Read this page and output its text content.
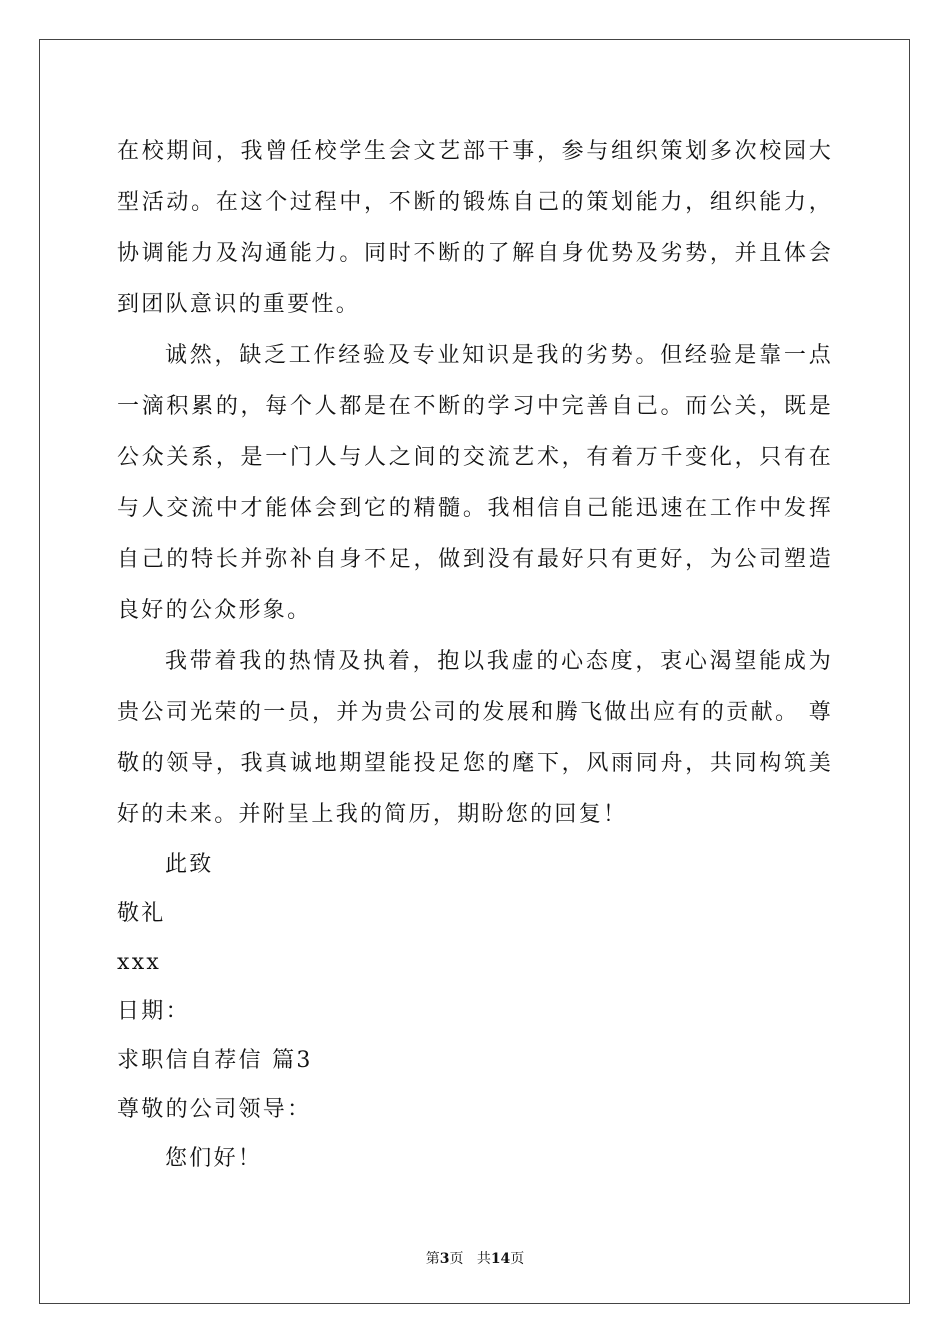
在校期间，我曾任校学生会文艺部干事，参与组织策划多次校园大型活动。在这个过程中，不断的锻炼自己的策划能力，组织能力，协调能力及沟通能力。同时不断的了解自身优势及劣势，并且体会到团队意识的重要性。

诚然，缺乏工作经验及专业知识是我的劣势。但经验是靠一点一滴积累的，每个人都是在不断的学习中完善自己。而公关，既是公众关系，是一门人与人之间的交流艺术，有着万千变化，只有在与人交流中才能体会到它的精髓。我相信自己能迅速在工作中发挥自己的特长并弥补自身不足，做到没有最好只有更好，为公司塑造良好的公众形象。

我带着我的热情及执着，抱以我虚的心态度，衷心渴望能成为贵公司光荣的一员，并为贵公司的发展和腾飞做出应有的贡献。 尊敬的领导，我真诚地期望能投足您的麾下，风雨同舟，共同构筑美好的未来。并附呈上我的简历，期盼您的回复！

此致

敬礼

xxx

日期：

求职信自荐信 篇3

尊敬的公司领导：

您们好！

第3页 共14页
